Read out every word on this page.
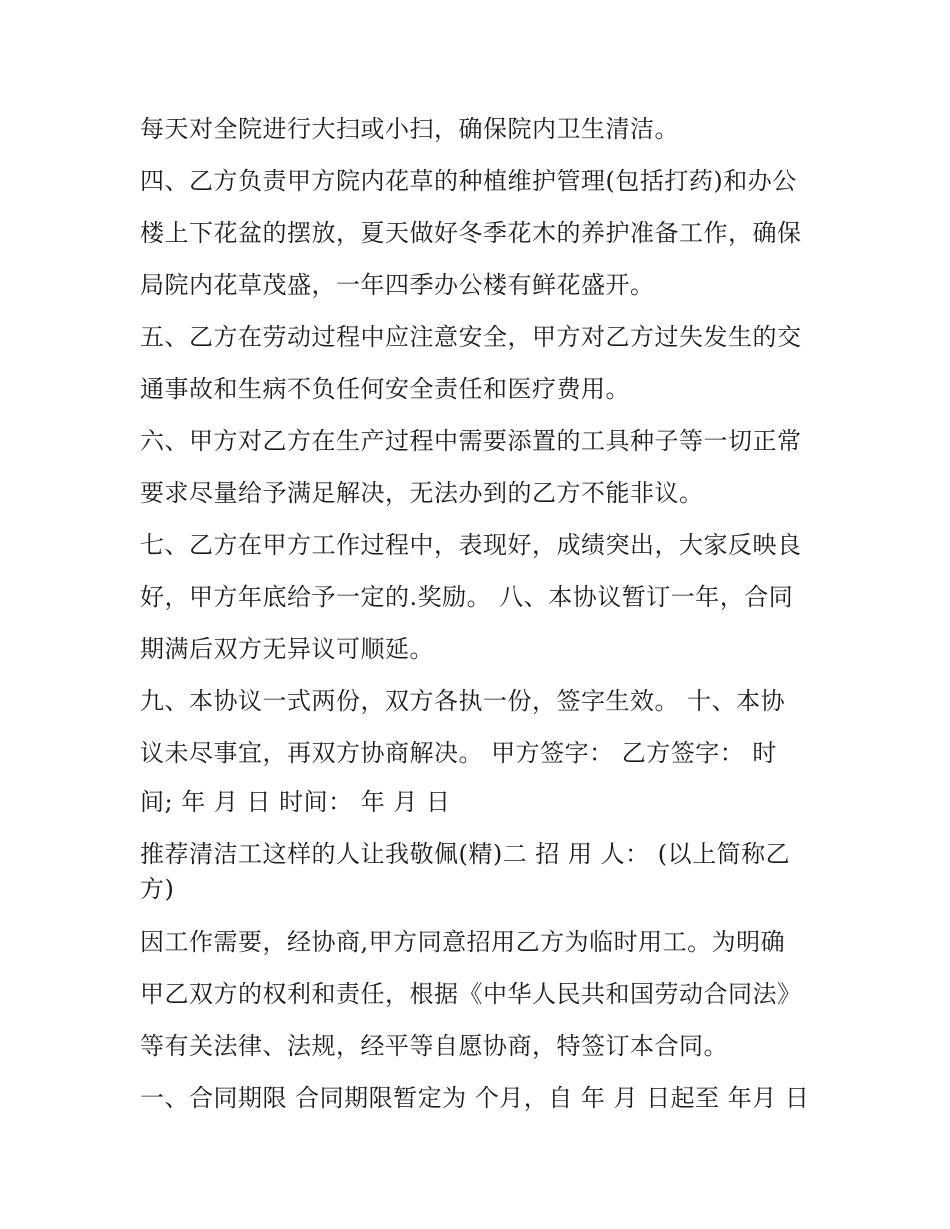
每天对全院进行大扫或小扫，确保院内卫生清洁。
四、乙方负责甲方院内花草的种植维护管理(包括打药)和办公
楼上下花盆的摆放，夏天做好冬季花木的养护准备工作，确保
局院内花草茂盛，一年四季办公楼有鲜花盛开。
五、乙方在劳动过程中应注意安全，甲方对乙方过失发生的交
通事故和生病不负任何安全责任和医疗费用。
六、甲方对乙方在生产过程中需要添置的工具种子等一切正常
要求尽量给予满足解决，无法办到的乙方不能非议。
七、乙方在甲方工作过程中，表现好，成绩突出，大家反映良
好，甲方年底给予一定的.奖励。 八、本协议暂订一年，合同
期满后双方无异议可顺延。
九、本协议一式两份，双方各执一份，签字生效。 十、本协
议未尽事宜，再双方协商解决。 甲方签字： 乙方签字： 时
间; 年 月 日 时间： 年 月 日
推荐清洁工这样的人让我敬佩(精)二 招 用 人： (以上简称乙
方)
因工作需要，经协商,甲方同意招用乙方为临时用工。为明确
甲乙双方的权利和责任，根据《中华人民共和国劳动合同法》
等有关法律、法规，经平等自愿协商，特签订本合同。
一、合同期限 合同期限暂定为 个月，自 年 月 日起至 年月 日
